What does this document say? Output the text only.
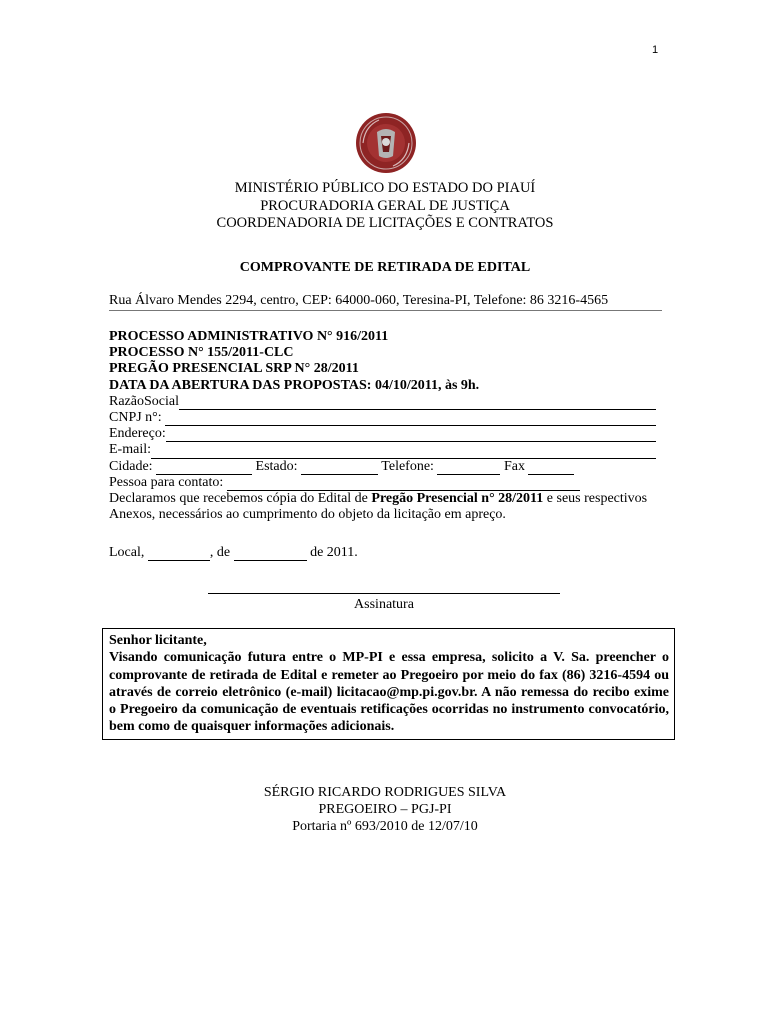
1
MINISTÉRIO PÚBLICO DO ESTADO DO PIAUÍ
PROCURADORIA GERAL DE JUSTIÇA
COORDENADORIA DE LICITAÇÕES E CONTRATOS
COMPROVANTE DE RETIRADA DE EDITAL
Rua Álvaro Mendes 2294, centro, CEP: 64000-060, Teresina-PI, Telefone: 86 3216-4565
PROCESSO ADMINISTRATIVO N° 916/2011
PROCESSO N° 155/2011-CLC
PREGÃO PRESENCIAL SRP N° 28/2011
DATA DA ABERTURA DAS PROPOSTAS: 04/10/2011, às 9h.
RazãoSocial
CNPJ n°:
Endereço:
E-mail:
Cidade:	Estado:	Telefone:	Fax
Pessoa para contato:
Declaramos que recebemos cópia do Edital de Pregão Presencial n° 28/2011 e seus respectivos Anexos, necessários ao cumprimento do objeto da licitação em apreço.
Local,	, de	de 2011.
Assinatura
Senhor licitante,
Visando comunicação futura entre o MP-PI e essa empresa, solicito a V. Sa. preencher o comprovante de retirada de Edital e remeter ao Pregoeiro por meio do fax (86) 3216-4594 ou através de correio eletrônico (e-mail) licitacao@mp.pi.gov.br. A não remessa do recibo exime o Pregoeiro da comunicação de eventuais retificações ocorridas no instrumento convocatório, bem como de quaisquer informações adicionais.
SÉRGIO RICARDO RODRIGUES SILVA
PREGOEIRO – PGJ-PI
Portaria nº 693/2010 de 12/07/10
